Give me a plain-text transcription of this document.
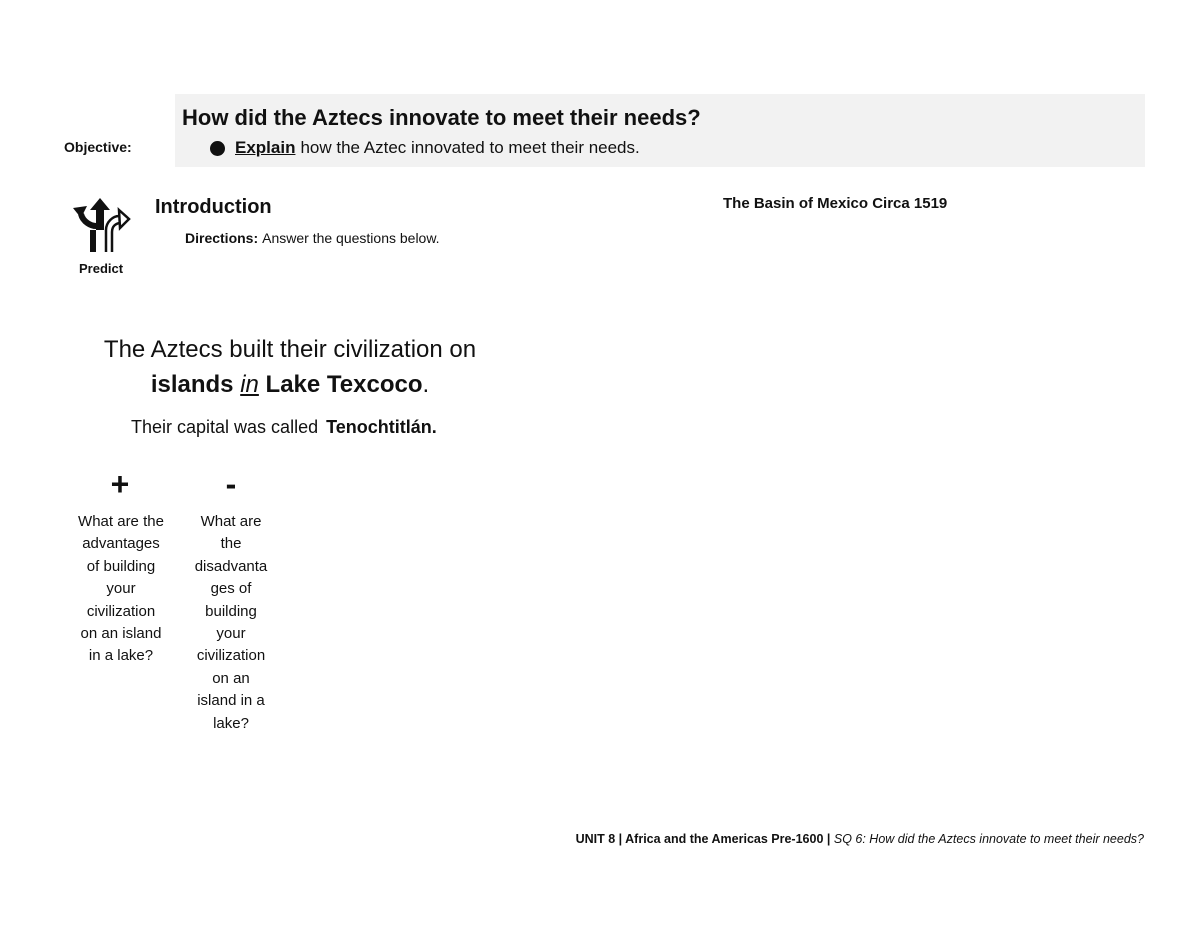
Objective:
How did the Aztecs innovate to meet their needs?
Explain how the Aztec innovated to meet their needs.
Predict
Introduction
Directions: Answer the questions below.
The Basin of Mexico Circa 1519
The Aztecs built their civilization on
islands in Lake Texcoco.
Their capital was called Tenochtitlán.
+	-
What are the
advantages
of building
your
civilization
on an island
in a lake?
What are
the
disadvanta
ges of
building
your
civilization
on an
island in a
lake?
UNIT 8 | Africa and the Americas Pre-1600 | SQ 6: How did the Aztecs innovate to meet their needs?
